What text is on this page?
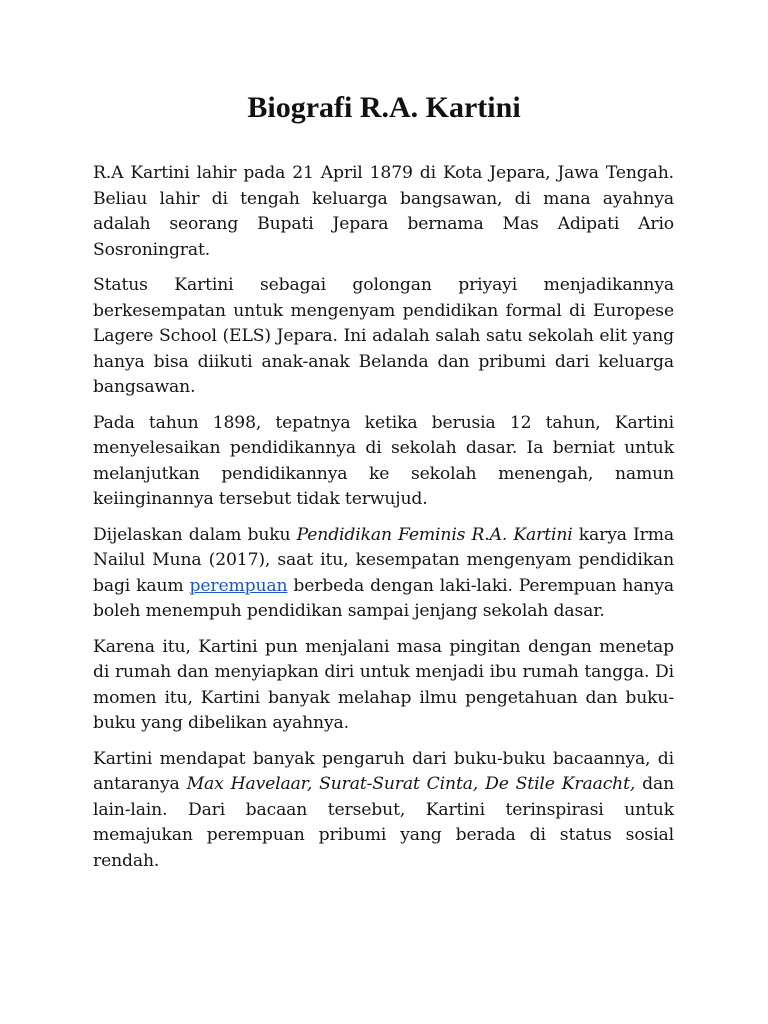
Biografi R.A. Kartini

R.A Kartini lahir pada 21 April 1879 di Kota Jepara, Jawa Tengah. Beliau lahir di tengah keluarga bangsawan, di mana ayahnya adalah seorang Bupati Jepara bernama Mas Adipati Ario Sosroningrat.

Status Kartini sebagai golongan priyayi menjadikannya berkesempatan untuk mengenyam pendidikan formal di Europese Lagere School (ELS) Jepara. Ini adalah salah satu sekolah elit yang hanya bisa diikuti anak-anak Belanda dan pribumi dari keluarga bangsawan.

Pada tahun 1898, tepatnya ketika berusia 12 tahun, Kartini menyelesaikan pendidikannya di sekolah dasar. Ia berniat untuk melanjutkan pendidikannya ke sekolah menengah, namun keiinginannya tersebut tidak terwujud.

Dijelaskan dalam buku Pendidikan Feminis R.A. Kartini karya Irma Nailul Muna (2017), saat itu, kesempatan mengenyam pendidikan bagi kaum perempuan berbeda dengan laki-laki. Perempuan hanya boleh menempuh pendidikan sampai jenjang sekolah dasar.

Karena itu, Kartini pun menjalani masa pingitan dengan menetap di rumah dan menyiapkan diri untuk menjadi ibu rumah tangga. Di momen itu, Kartini banyak melahap ilmu pengetahuan dan buku-buku yang dibelikan ayahnya.

Kartini mendapat banyak pengaruh dari buku-buku bacaannya, di antaranya Max Havelaar, Surat-Surat Cinta, De Stile Kraacht, dan lain-lain. Dari bacaan tersebut, Kartini terinspirasi untuk memajukan perempuan pribumi yang berada di status sosial rendah.
